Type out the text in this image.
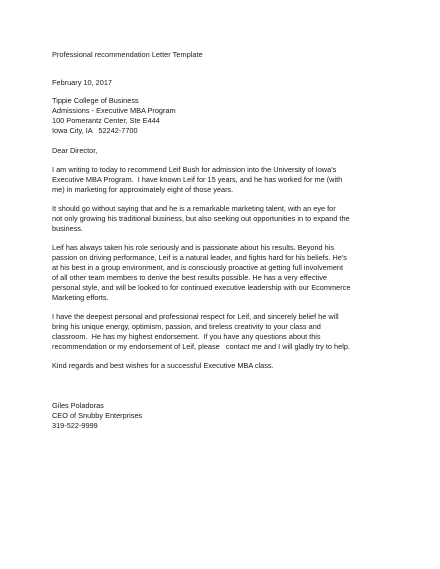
Professional recommendation Letter Template
February 10, 2017
Tippie College of Business
Admissions - Executive MBA Program
100 Pomerantz Center, Ste E444
Iowa City, IA   52242-7700
Dear Director,
I am writing to today to recommend Leif Bush for admission into the University of Iowa's
Executive MBA Program.  I have known Leif for 15 years, and he has worked for me (with
me) in marketing for approximately eight of those years.
It should go without saying that and he is a remarkable marketing talent, with an eye for
not only growing his traditional business, but also seeking out opportunities in to expand the
business.
Leif has always taken his role seriously and is passionate about his results. Beyond his
passion on driving performance, Leif is a natural leader, and fights hard for his beliefs. He's
at his best in a group environment, and is consciously proactive at getting full involvement
of all other team members to derive the best results possible. He has a very effective
personal style, and will be looked to for continued executive leadership with our Ecommerce
Marketing efforts.
I have the deepest personal and professional respect for Leif, and sincerely belief he will
bring his unique energy, optimism, passion, and tireless creativity to your class and
classroom.  He has my highest endorsement.  If you have any questions about this
recommendation or my endorsement of Leif, please   contact me and I will gladly try to help.
Kind regards and best wishes for a successful Executive MBA class.
Giles Poladoras
CEO of Snubby Enterprises
319-522-9999
